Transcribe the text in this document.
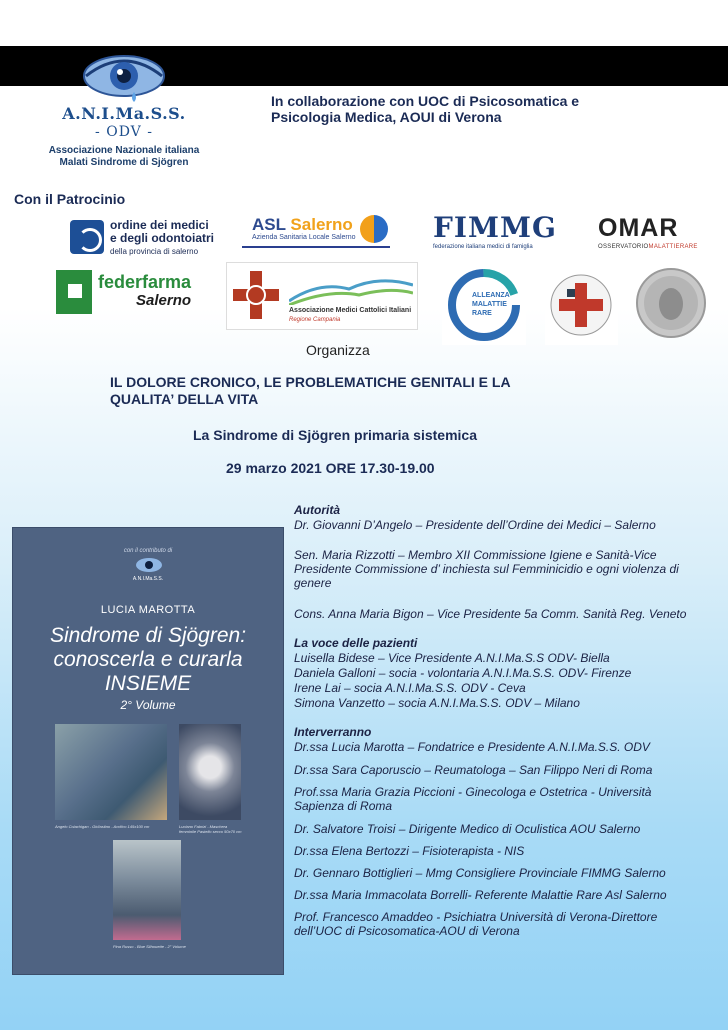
A.N.I.Ma.S.S.
- ODV -
Associazione Nazionale italiana
Malati Sindrome di Sjögren
In collaborazione con UOC di Psicosomatica e
Psicologia Medica, AOUI di Verona
Con il Patrocinio
ordine dei medici
e degli odontoiatri
della provincia di salerno
ASL Salerno
Azienda Sanitaria Locale Salerno	FIMMG
federazione italiana medici di famiglia
OMAR
OSSERVATORIOMALATTIERARE
federfarma
Salerno
Associazione Medici Cattolici Italiani
Regione Campania
ALLEANZA
MALATTIE
RARE
Organizza
IL DOLORE CRONICO, LE PROBLEMATICHE GENITALI E LA
QUALITA’ DELLA VITA
La Sindrome di Sjögren primaria sistemica
29 marzo 2021 ORE 17.30-19.00
con il contributo di
A.N.I.Ma.S.S.
LUCIA MAROTTA
Sindrome di Sjögren:
conoscerla e curarla
INSIEME
2° Volume
Angelo Coiachigan - Girl/astino - Acrilico 145x100 cm	Luciano Fabrizi - Maschera femminile Pastello secco 50x70 cm
Pina Russo - Blue Silhouette - 2° Volume
Autorità
Dr. Giovanni D’Angelo – Presidente dell’Ordine dei Medici – Salerno
Sen. Maria Rizzotti – Membro XII Commissione Igiene e Sanità-Vice
Presidente Commissione d’ inchiesta sul Femminicidio e ogni violenza di
genere
Cons. Anna Maria Bigon – Vice Presidente 5a Comm. Sanità Reg. Veneto
La voce delle pazienti
Luisella Bidese – Vice Presidente A.N.I.Ma.S.S ODV- Biella
Daniela Galloni – socia - volontaria A.N.I.Ma.S.S. ODV- Firenze
Irene Lai – socia A.N.I.Ma.S.S. ODV - Ceva
Simona Vanzetto – socia A.N.I.Ma.S.S. ODV – Milano
Interverranno
Dr.ssa Lucia Marotta – Fondatrice e Presidente A.N.I.Ma.S.S. ODV
Dr.ssa Sara Caporuscio – Reumatologa – San Filippo Neri di Roma
Prof.ssa Maria Grazia Piccioni - Ginecologa e Ostetrica - Università
Sapienza di Roma
Dr. Salvatore Troisi – Dirigente Medico di Oculistica AOU Salerno
Dr.ssa Elena Bertozzi – Fisioterapista - NIS
Dr. Gennaro Bottiglieri – Mmg Consigliere Provinciale FIMMG Salerno
Dr.ssa Maria Immacolata Borrelli- Referente Malattie Rare Asl Salerno
Prof. Francesco Amaddeo - Psichiatra Università di Verona-Direttore
dell’UOC di Psicosomatica-AOU di Verona
